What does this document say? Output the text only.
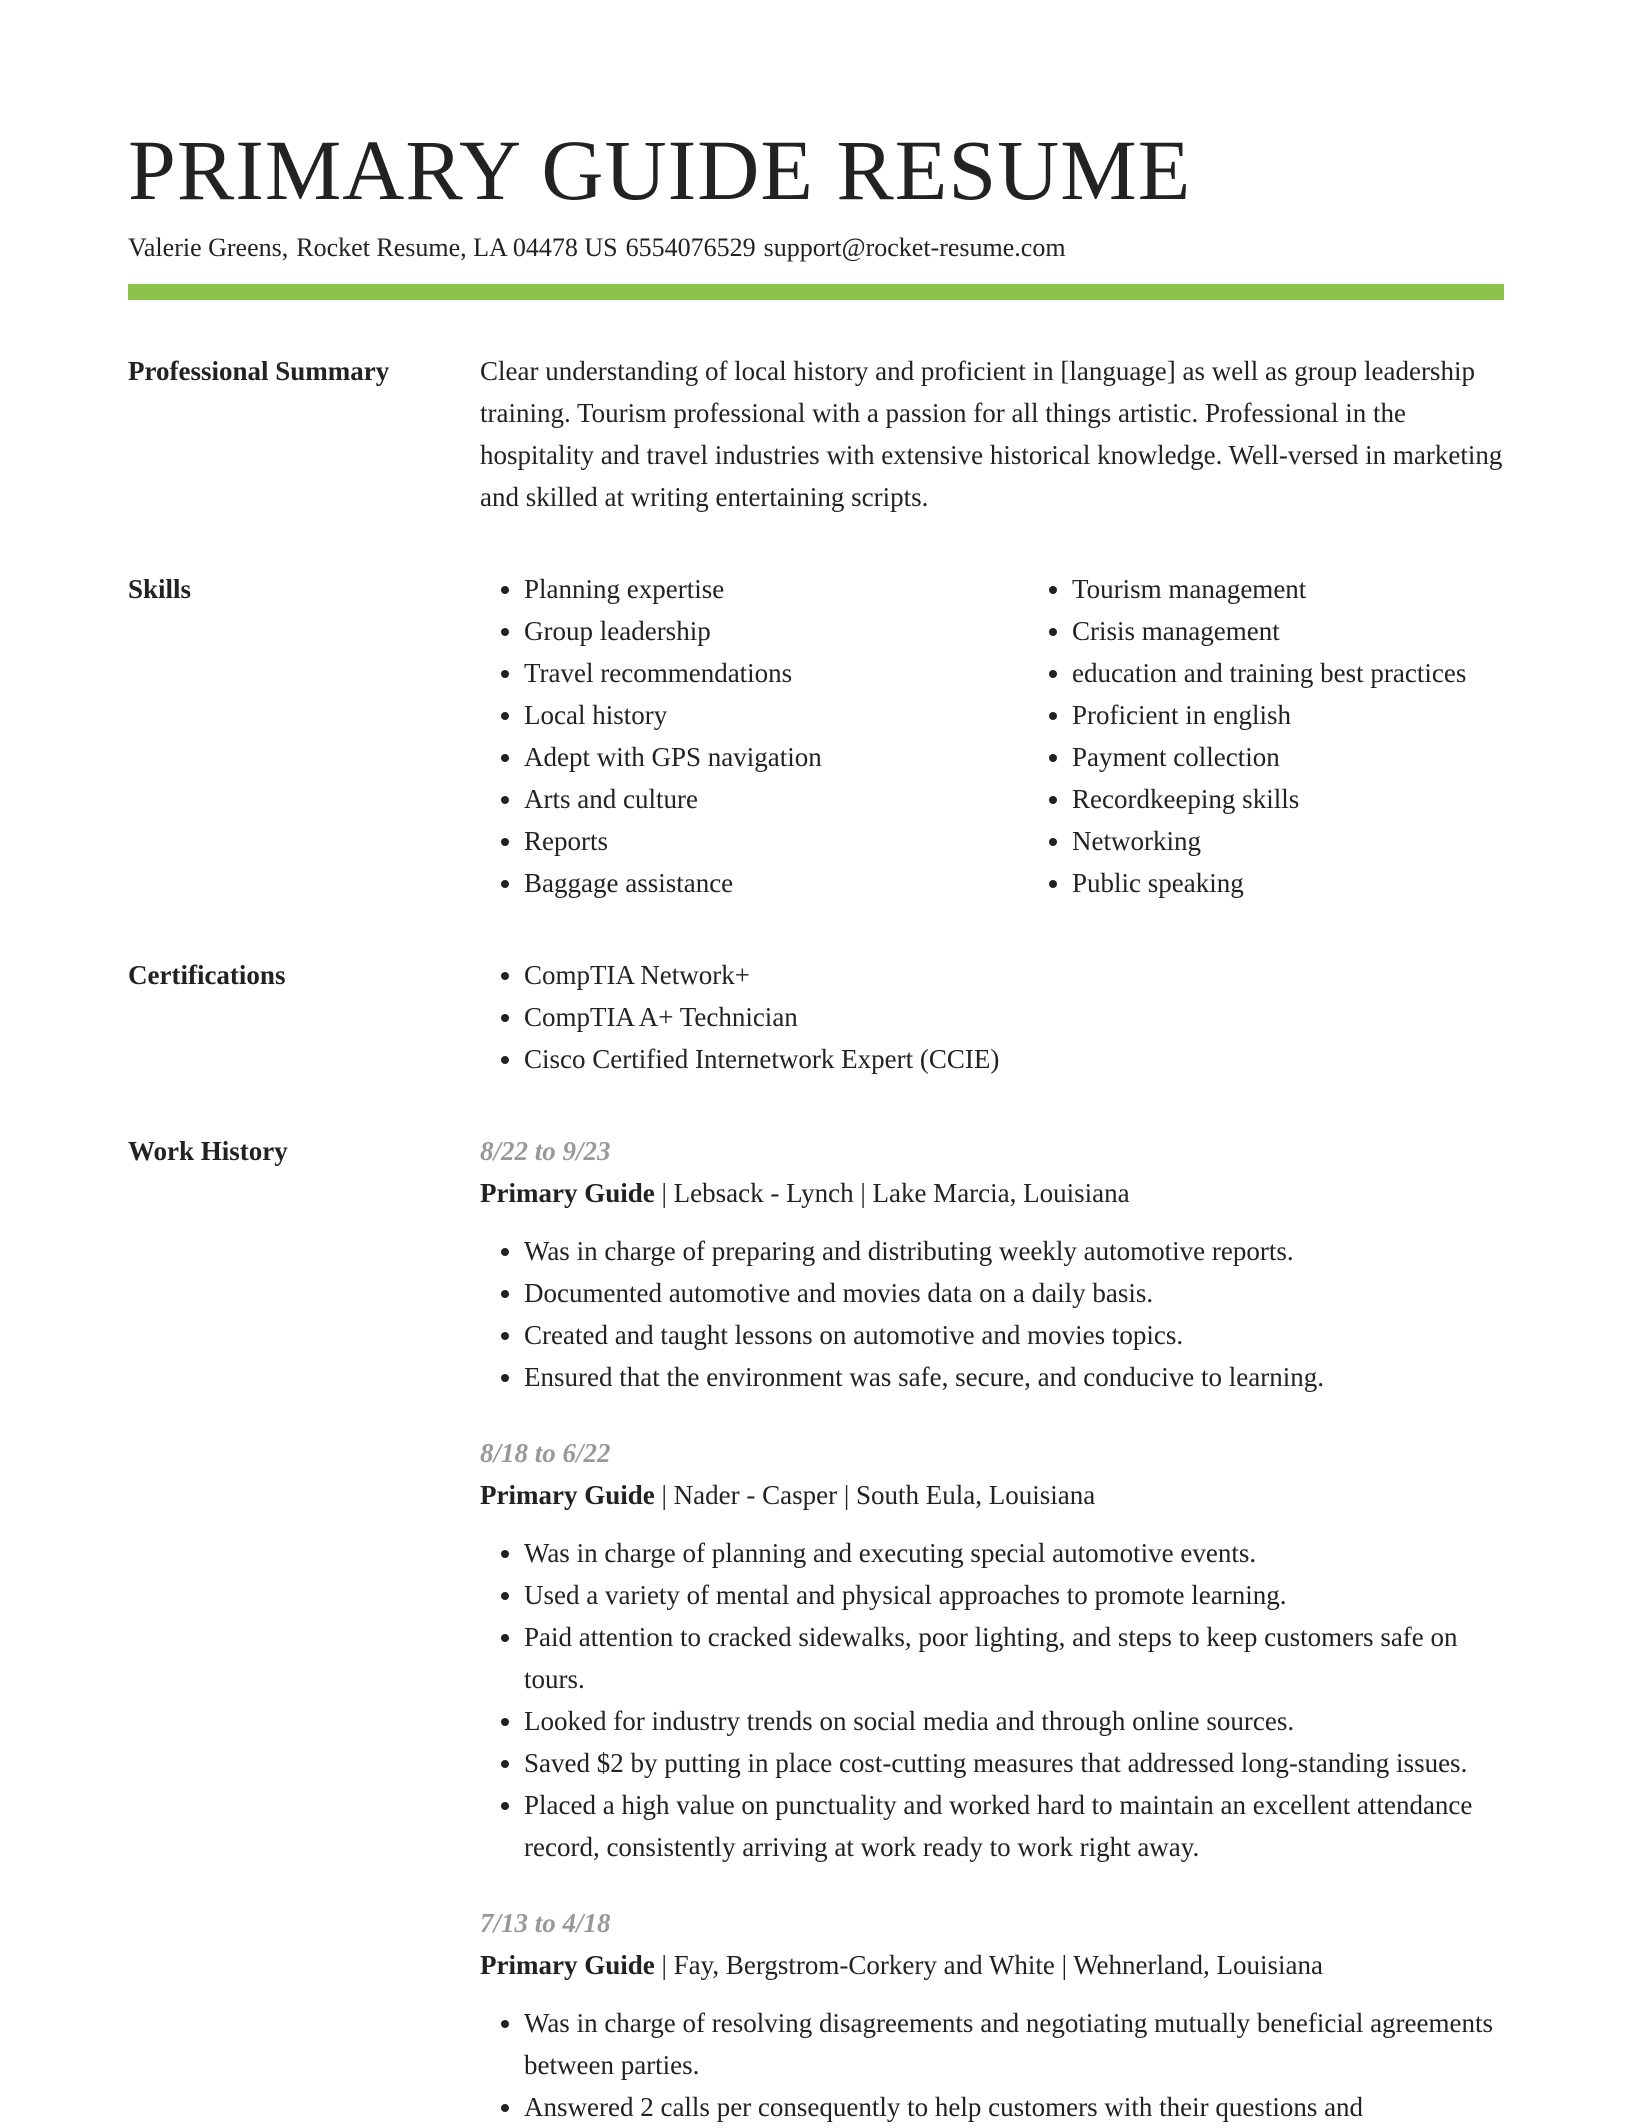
PRIMARY GUIDE RESUME
Valerie Greens, Rocket Resume, LA 04478 US 6554076529 support@rocket-resume.com
Professional Summary	Clear understanding of local history and proficient in [language] as well as group leadership training. Tourism professional with a passion for all things artistic. Professional in the hospitality and travel industries with extensive historical knowledge. Well-versed in marketing and skilled at writing entertaining scripts.

Skills	• Planning expertise
• Group leadership
• Travel recommendations
• Local history
• Adept with GPS navigation
• Arts and culture
• Reports
• Baggage assistance
• Tourism management
• Crisis management
• education and training best practices
• Proficient in english
• Payment collection
• Recordkeeping skills
• Networking
• Public speaking
Certifications	• CompTIA Network+
• CompTIA A+ Technician
• Cisco Certified Internetwork Expert (CCIE)
Work History	8/22 to 9/23
Primary Guide | Lebsack - Lynch | Lake Marcia, Louisiana
• Was in charge of preparing and distributing weekly automotive reports.
• Documented automotive and movies data on a daily basis.
• Created and taught lessons on automotive and movies topics.
• Ensured that the environment was safe, secure, and conducive to learning.
8/18 to 6/22
Primary Guide | Nader - Casper | South Eula, Louisiana
• Was in charge of planning and executing special automotive events.
• Used a variety of mental and physical approaches to promote learning.
• Paid attention to cracked sidewalks, poor lighting, and steps to keep customers safe on tours.
• Looked for industry trends on social media and through online sources.
• Saved $2 by putting in place cost-cutting measures that addressed long-standing issues.
• Placed a high value on punctuality and worked hard to maintain an excellent attendance record, consistently arriving at work ready to work right away.
7/13 to 4/18
Primary Guide | Fay, Bergstrom-Corkery and White | Wehnerland, Louisiana
• Was in charge of resolving disagreements and negotiating mutually beneficial agreements between parties.
• Answered 2 calls per consequently to help customers with their questions and
